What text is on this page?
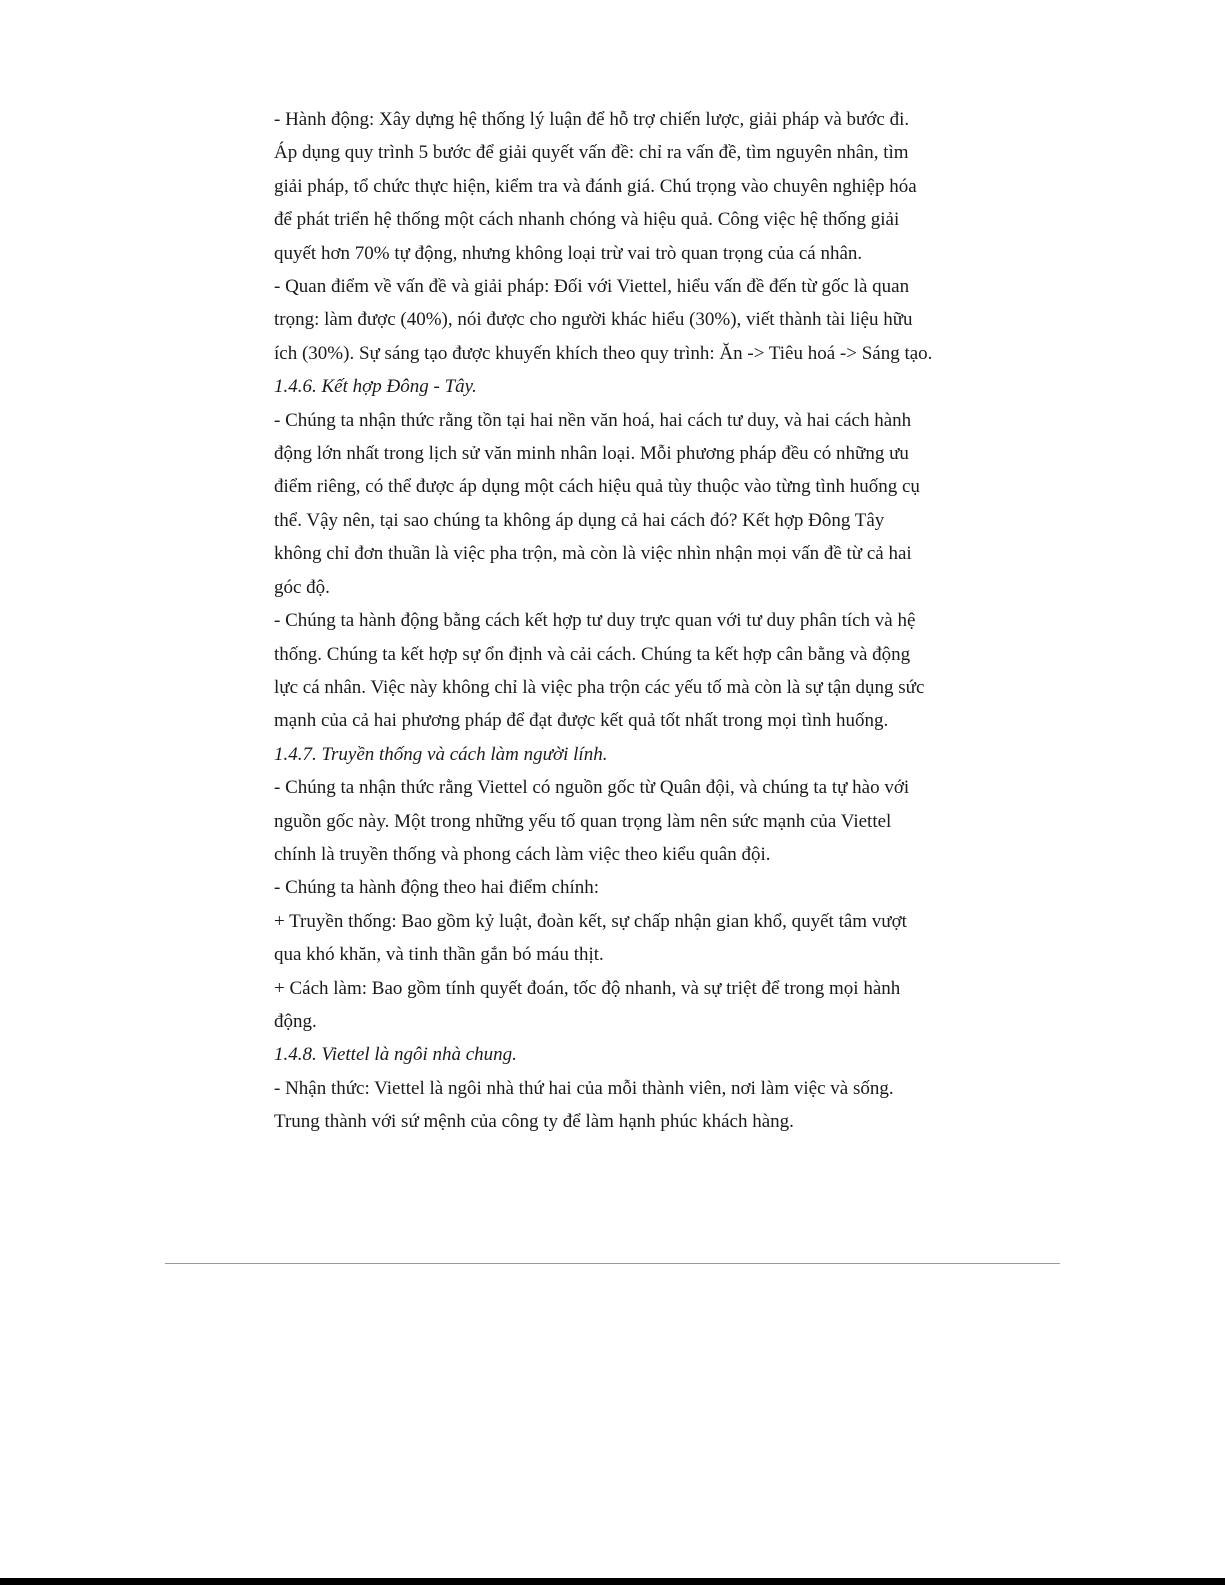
- Hành động: Xây dựng hệ thống lý luận để hỗ trợ chiến lược, giải pháp và bước đi.
Áp dụng quy trình 5 bước để giải quyết vấn đề: chỉ ra vấn đề, tìm nguyên nhân, tìm
giải pháp, tổ chức thực hiện, kiểm tra và đánh giá. Chú trọng vào chuyên nghiệp hóa
để phát triển hệ thống một cách nhanh chóng và hiệu quả. Công việc hệ thống giải
quyết hơn 70% tự động, nhưng không loại trừ vai trò quan trọng của cá nhân.
- Quan điểm về vấn đề và giải pháp: Đối với Viettel, hiểu vấn đề đến từ gốc là quan
trọng: làm được (40%), nói được cho người khác hiểu (30%), viết thành tài liệu hữu
ích (30%). Sự sáng tạo được khuyến khích theo quy trình: Ăn -> Tiêu hoá -> Sáng tạo.
1.4.6. Kết hợp Đông - Tây.
- Chúng ta nhận thức rằng tồn tại hai nền văn hoá, hai cách tư duy, và hai cách hành
động lớn nhất trong lịch sử văn minh nhân loại. Mỗi phương pháp đều có những ưu
điểm riêng, có thể được áp dụng một cách hiệu quả tùy thuộc vào từng tình huống cụ
thể. Vậy nên, tại sao chúng ta không áp dụng cả hai cách đó? Kết hợp Đông Tây
không chỉ đơn thuần là việc pha trộn, mà còn là việc nhìn nhận mọi vấn đề từ cả hai
góc độ.
- Chúng ta hành động bằng cách kết hợp tư duy trực quan với tư duy phân tích và hệ
thống. Chúng ta kết hợp sự ổn định và cải cách. Chúng ta kết hợp cân bằng và động
lực cá nhân. Việc này không chỉ là việc pha trộn các yếu tố mà còn là sự tận dụng sức
mạnh của cả hai phương pháp để đạt được kết quả tốt nhất trong mọi tình huống.
1.4.7. Truyền thống và cách làm người lính.
- Chúng ta nhận thức rằng Viettel có nguồn gốc từ Quân đội, và chúng ta tự hào với
nguồn gốc này. Một trong những yếu tố quan trọng làm nên sức mạnh của Viettel
chính là truyền thống và phong cách làm việc theo kiểu quân đội.
- Chúng ta hành động theo hai điểm chính:
+ Truyền thống: Bao gồm kỷ luật, đoàn kết, sự chấp nhận gian khổ, quyết tâm vượt
qua khó khăn, và tinh thần gắn bó máu thịt.
+ Cách làm: Bao gồm tính quyết đoán, tốc độ nhanh, và sự triệt để trong mọi hành
động.
1.4.8. Viettel là ngôi nhà chung.
- Nhận thức: Viettel là ngôi nhà thứ hai của mỗi thành viên, nơi làm việc và sống.
Trung thành với sứ mệnh của công ty để làm hạnh phúc khách hàng.
